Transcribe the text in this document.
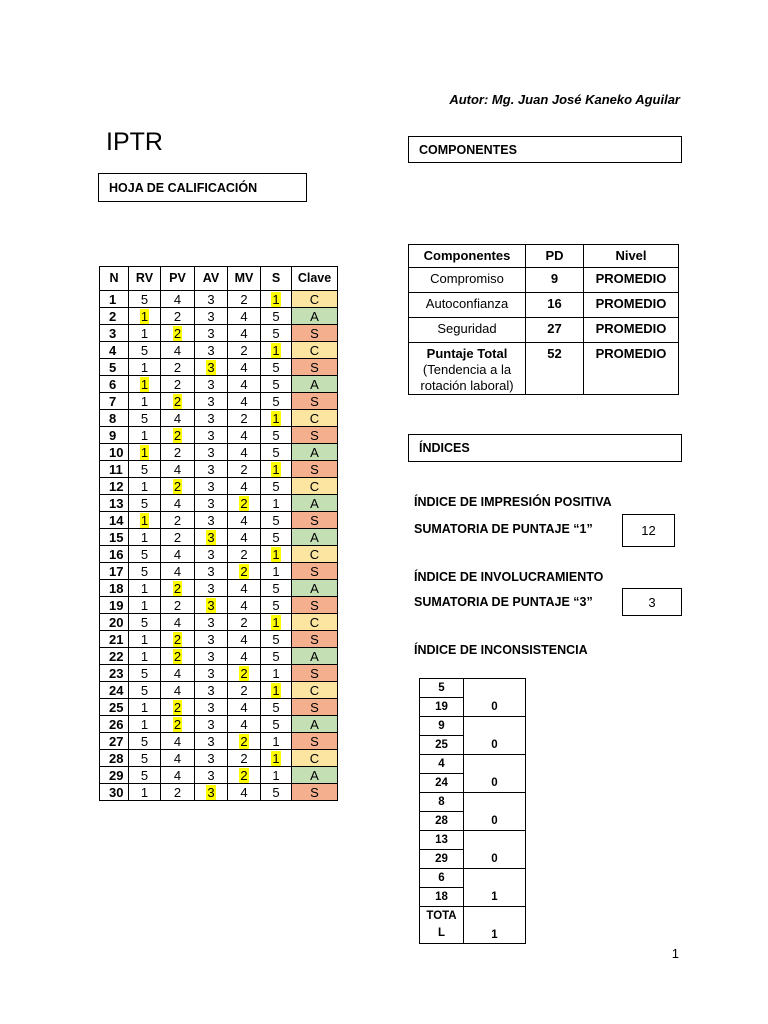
Autor: Mg. Juan José Kaneko Aguilar
IPTR
HOJA DE CALIFICACIÓN
COMPONENTES
N	RV	PV	AV	MV	S	Clave
1	5	4	3	2	1	C
2	1	2	3	4	5	A
3	1	2	3	4	5	S
4	5	4	3	2	1	C
5	1	2	3	4	5	S
6	1	2	3	4	5	A
7	1	2	3	4	5	S
8	5	4	3	2	1	C
9	1	2	3	4	5	S
10	1	2	3	4	5	A
11	5	4	3	2	1	S
12	1	2	3	4	5	C
13	5	4	3	2	1	A
14	1	2	3	4	5	S
15	1	2	3	4	5	A
16	5	4	3	2	1	C
17	5	4	3	2	1	S
18	1	2	3	4	5	A
19	1	2	3	4	5	S
20	5	4	3	2	1	C
21	1	2	3	4	5	S
22	1	2	3	4	5	A
23	5	4	3	2	1	S
24	5	4	3	2	1	C
25	1	2	3	4	5	S
26	1	2	3	4	5	A
27	5	4	3	2	1	S
28	5	4	3	2	1	C
29	5	4	3	2	1	A
30	1	2	3	4	5	S
Componentes	PD	Nivel
Compromiso	9	PROMEDIO
Autoconfianza	16	PROMEDIO
Seguridad	27	PROMEDIO

Puntaje Total
(Tendencia a la rotación laboral)	52	PROMEDIO
ÍNDICES
ÍNDICE DE IMPRESIÓN POSITIVA
SUMATORIA DE PUNTAJE “1”	12
ÍNDICE DE INVOLUCRAMIENTO
SUMATORIA DE PUNTAJE “3”	3
ÍNDICE DE INCONSISTENCIA
5	0
19	
9	0
25	
4	0
24	
8	0
28	
13	0
29	
6	1
18	

TOTA
L	1
1
